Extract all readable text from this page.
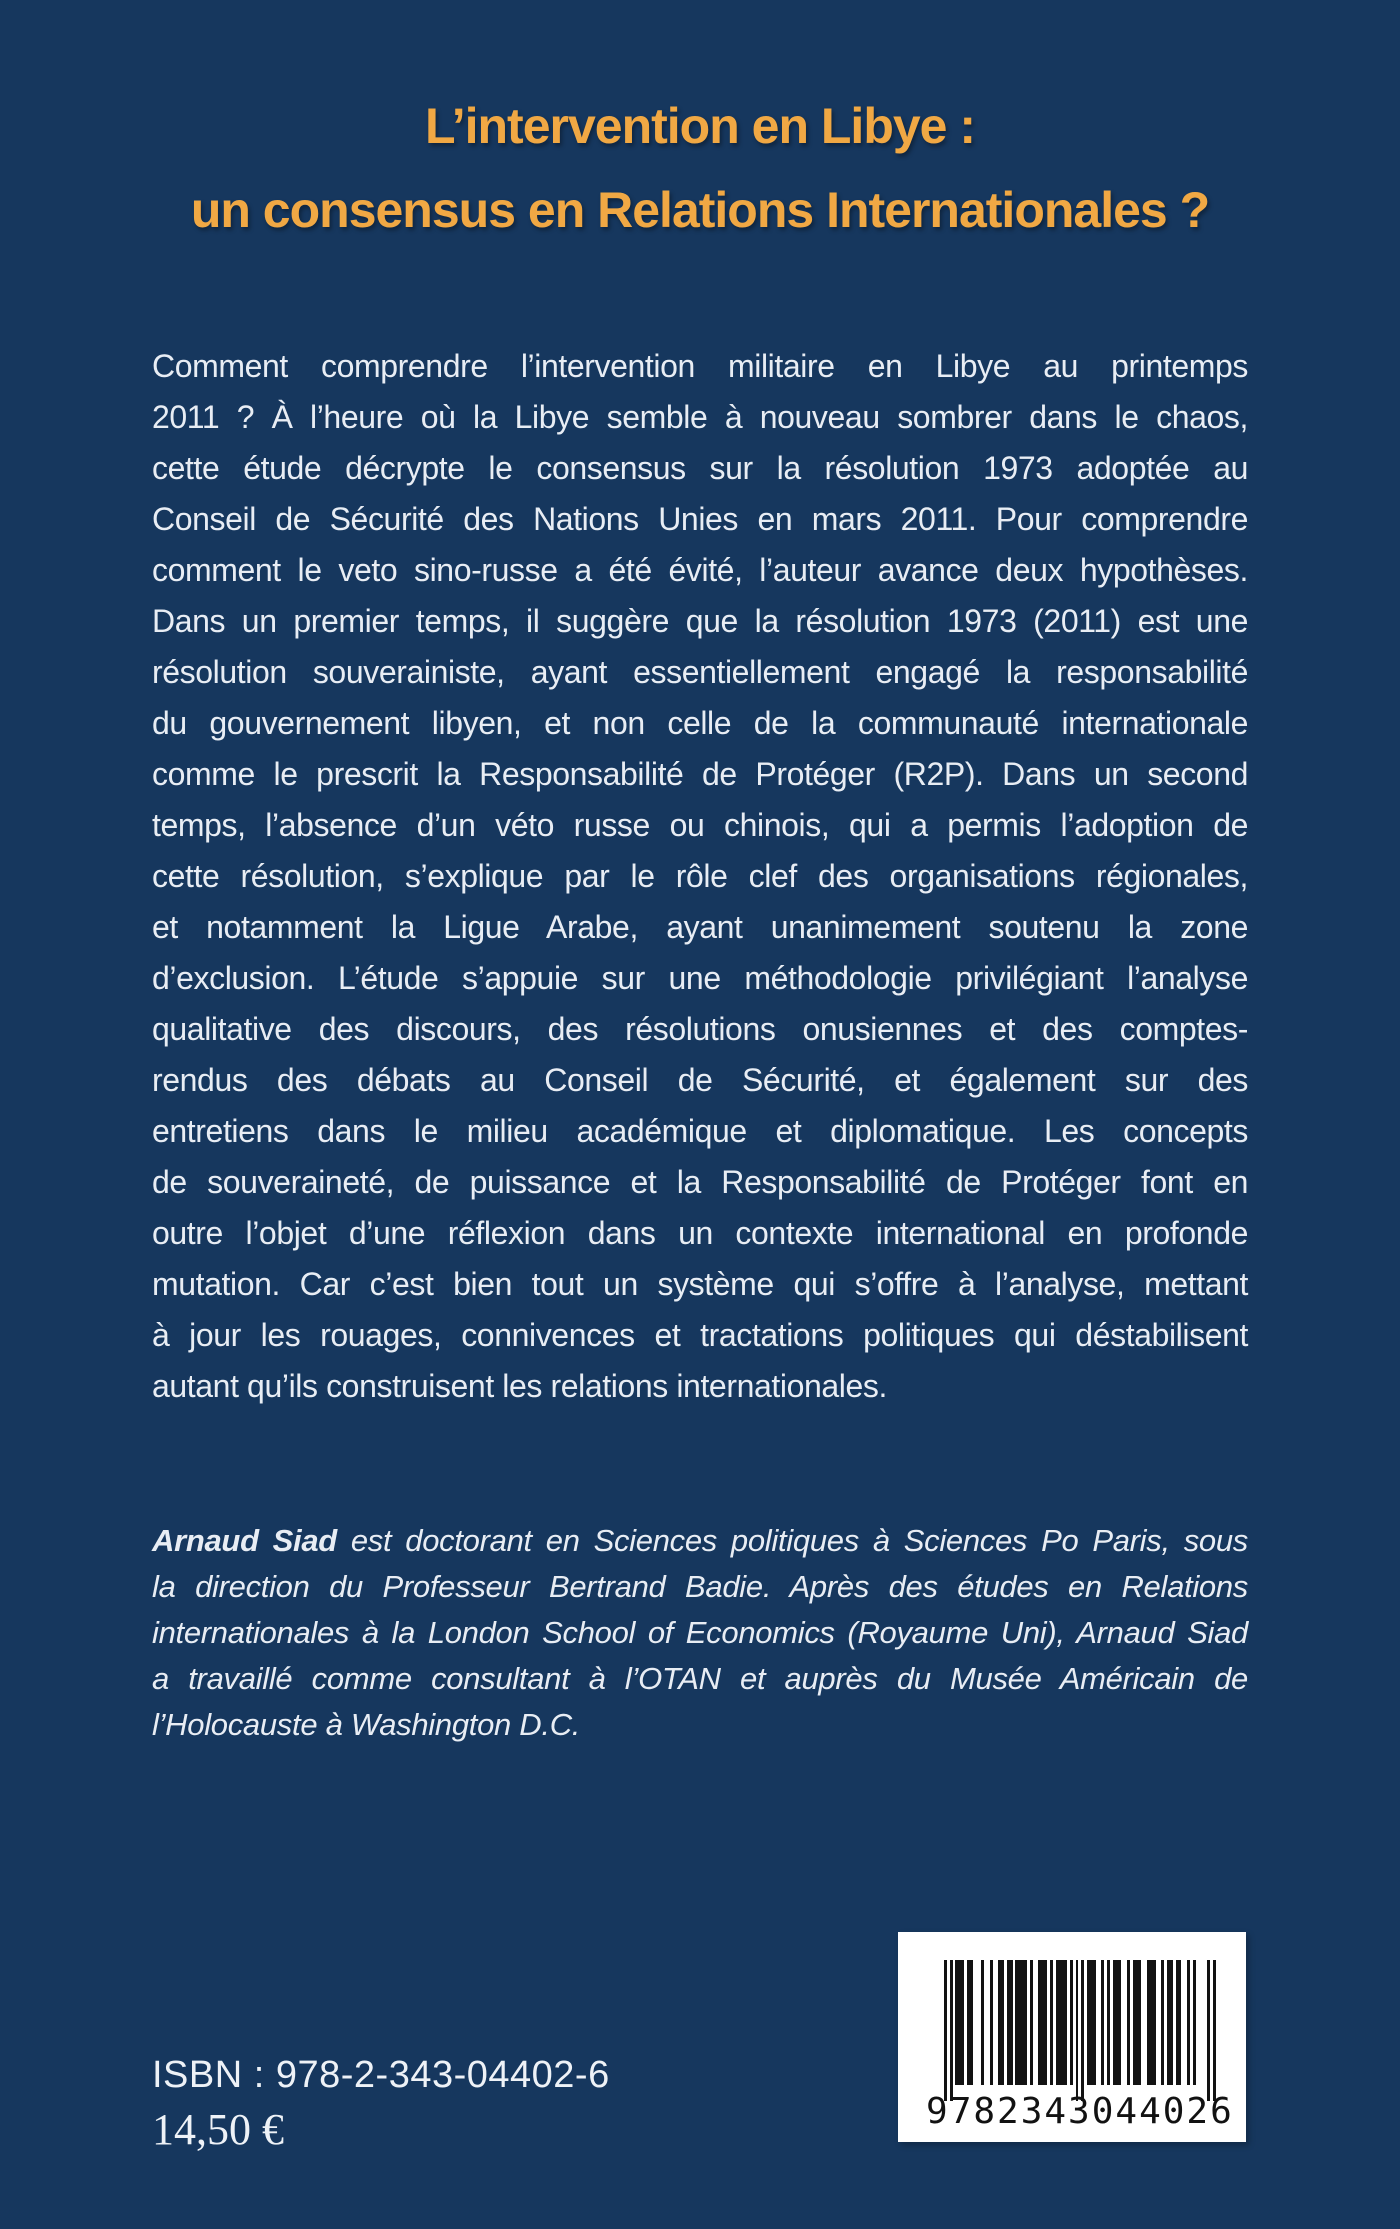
L’intervention en Libye :
un consensus en Relations Internationales ?
Comment comprendre l’intervention militaire en Libye au printemps
2011 ? À l’heure où la Libye semble à nouveau sombrer dans le chaos,
cette étude décrypte le consensus sur la résolution 1973 adoptée au
Conseil de Sécurité des Nations Unies en mars 2011. Pour comprendre
comment le veto sino-russe a été évité, l’auteur avance deux hypothèses.
Dans un premier temps, il suggère que la résolution 1973 (2011) est une
résolution souverainiste, ayant essentiellement engagé la responsabilité
du gouvernement libyen, et non celle de la communauté internationale
comme le prescrit la Responsabilité de Protéger (R2P). Dans un second
temps, l’absence d’un véto russe ou chinois, qui a permis l’adoption de
cette résolution, s’explique par le rôle clef des organisations régionales,
et notamment la Ligue Arabe, ayant unanimement soutenu la zone
d’exclusion. L’étude s’appuie sur une méthodologie privilégiant l’analyse
qualitative des discours, des résolutions onusiennes et des comptes-
rendus des débats au Conseil de Sécurité, et également sur des
entretiens dans le milieu académique et diplomatique. Les concepts
de souveraineté, de puissance et la Responsabilité de Protéger font en
outre l’objet d’une réflexion dans un contexte international en profonde
mutation. Car c’est bien tout un système qui s’offre à l’analyse, mettant
à jour les rouages, connivences et tractations politiques qui déstabilisent
autant qu’ils construisent les relations internationales.
Arnaud Siad est doctorant en Sciences politiques à Sciences Po Paris, sous
la direction du Professeur Bertrand Badie. Après des études en Relations
internationales à la London School of Economics (Royaume Uni), Arnaud Siad
a travaillé comme consultant à l’OTAN et auprès du Musée Américain de
l’Holocauste à Washington D.C.
ISBN : 978-2-343-04402-6
14,50 €	9 782343 044026
